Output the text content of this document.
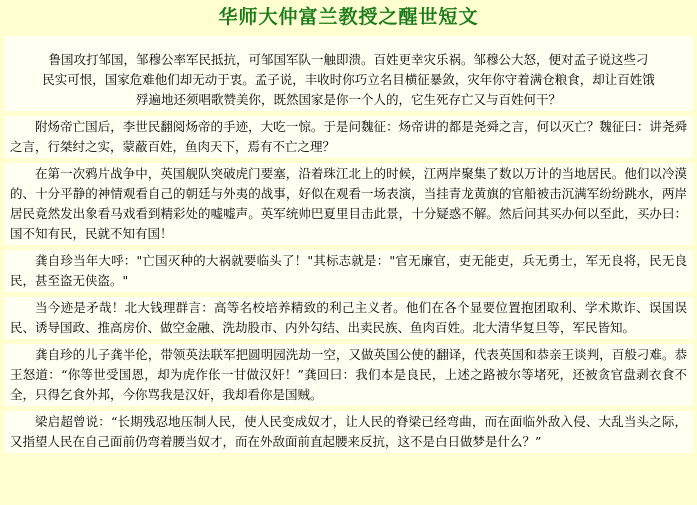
华师大仲富兰教授之醒世短文
鲁国攻打邹国，邹穆公率军民抵抗，可邹国军队一触即溃。百姓更幸灾乐祸。邹穆公大怒，便对孟子说这些刁
民实可恨，国家危难他们却无动于衷。孟子说，丰收时你巧立名目横征暴敛，灾年你守着满仓粮食，却让百姓饿
殍遍地还须唱歌赞美你，既然国家是你一个人的，它生死存亡又与百姓何干？
附炀帝亡国后，李世民翻阅炀帝的手迹，大吃一惊。于是问魏征：炀帝讲的都是尧舜之言，何以灭亡？魏征曰：讲尧舜之言，行桀纣之实，蒙蔽百姓，鱼肉天下，焉有不亡之理？
在第一次鸦片战争中，英国舰队突破虎门要塞，沿着珠江北上的时候，江两岸聚集了数以万计的当地居民。他们以冷漠的、十分平静的神情观看自己的朝廷与外夷的战事，好似在观看一场表演，当挂青龙黄旗的官船被击沉满军纷纷跳水，两岸居民竟然发出象看马戏看到精彩处的嘘嘘声。英军统帅巴夏里目击此景，十分疑惑不解。然后问其买办何以至此，买办曰：国不知有民，民就不知有国！
龚自珍当年大呼："亡国灭种的大祸就要临头了！"其标志就是："官无廉官，吏无能吏，兵无勇士，军无良将，民无良民，甚至盗无侠盗。"
当今迹是矛哉！北大钱理群言：高等名校培养精致的利己主义者。他们在各个显要位置抱团取利、学术欺诈、误国误民、诱导国政、推高房价、做空金融、洗劫股市、内外勾结、出卖民族、鱼肉百姓。北大清华复旦等，军民皆知。
龚自珍的儿子龚半伦，带领英法联军把圆明园洗劫一空，又做英国公使的翻译，代表英国和恭亲王谈判，百般刁难。恭王怒道：“你等世受国恩，却为虎作伥一甘做汉奸！”龚回曰：我们本是良民，上述之路被尔等堵死，还被贪官盘剥衣食不全，只得乞食外邦，今你骂我是汉奸，我却看你是国贼。
梁启超曾说：“长期残忍地压制人民，使人民变成奴才，让人民的脊梁已经弯曲，而在面临外敌入侵、大乱当头之际，又指望人民在自己面前仍弯着腰当奴才，而在外敌面前直起腰来反抗，这不是白日做梦是什么？”
